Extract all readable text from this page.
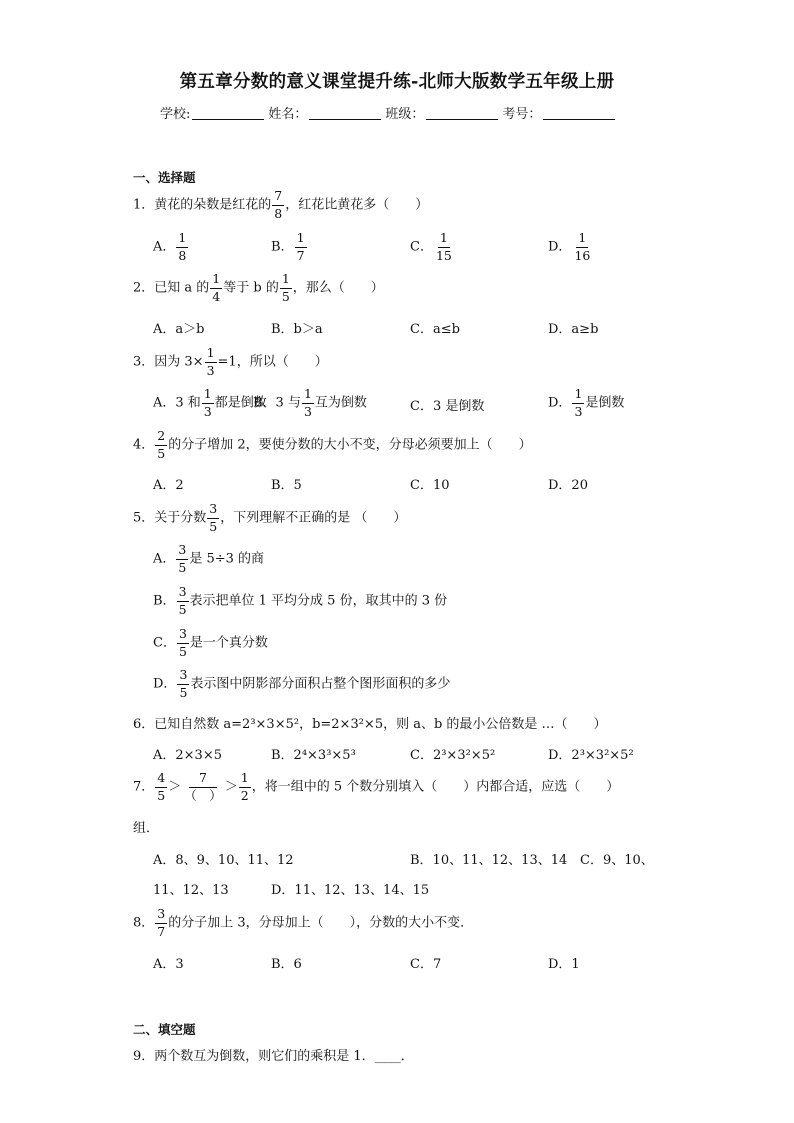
第五章分数的意义课堂提升练-北师大版数学五年级上册
学校:	姓名：	班级：	考号：
一、选择题
1．黄花的朵数是红花的 $\frac{7}{8}$ ，红花比黄花多（　　）
A． $\frac{1}{8}$	B． $\frac{1}{7}$	C． $\frac{1}{15}$	D． $\frac{1}{16}$
2．已知 a 的 $\frac{1}{4}$ 等于 b 的 $\frac{1}{5}$ ，那么（　　）
A．a＞b	B．b＞a	C．a≤b	D．a≥b
3．因为 $3\times \frac{1}{3} =1$，所以（　　）
A．3 和 $\frac{1}{3}$ 都是倒数
B．3 与 $\frac{1}{3}$ 互为倒数	C．3 是倒数	D． $\frac{1}{3}$ 是倒数
4． $\frac{2}{5}$ 的分子增加 2，要使分数的大小不变，分母必须要加上（　　）
A．2	B．5	C．10	D．20
5．关于分数 $\frac{3}{5}$ ，下列理解不正确的是 （　　）
A． $\frac{3}{5}$ 是 5÷3 的商
B． $\frac{3}{5}$ 表示把单位 1 平均分成 5 份，取其中的 3 份
C． $\frac{3}{5}$ 是一个真分数
D． $\frac{3}{5}$ 表示图中阴影部分面积占整个图形面积的多少
6．已知自然数 a=2³×3×5²，b=2×3²×5，则 a、b 的最小公倍数是 …（　　）
A．2×3×5	B．2⁴×3³×5³	C．2³×3²×5²	D．2³×3²×5²
7． $\frac{4}{5} > \frac{7}{( )} > \frac{1}{2}$ ，将一组中的 5 个数分别填入（　　）内都合适，应选（　　）
组．
A．8、9、10、11、12	B．10、11、12、13、14 C．9、10、
11、12、13	D．11、12、13、14、15
8． $\frac{3}{7}$ 的分子加上 3，分母加上（　　），分数的大小不变．
A．3	B．6	C．7	D．1
二、填空题
9．两个数互为倒数，则它们的乘积是 1．____．
